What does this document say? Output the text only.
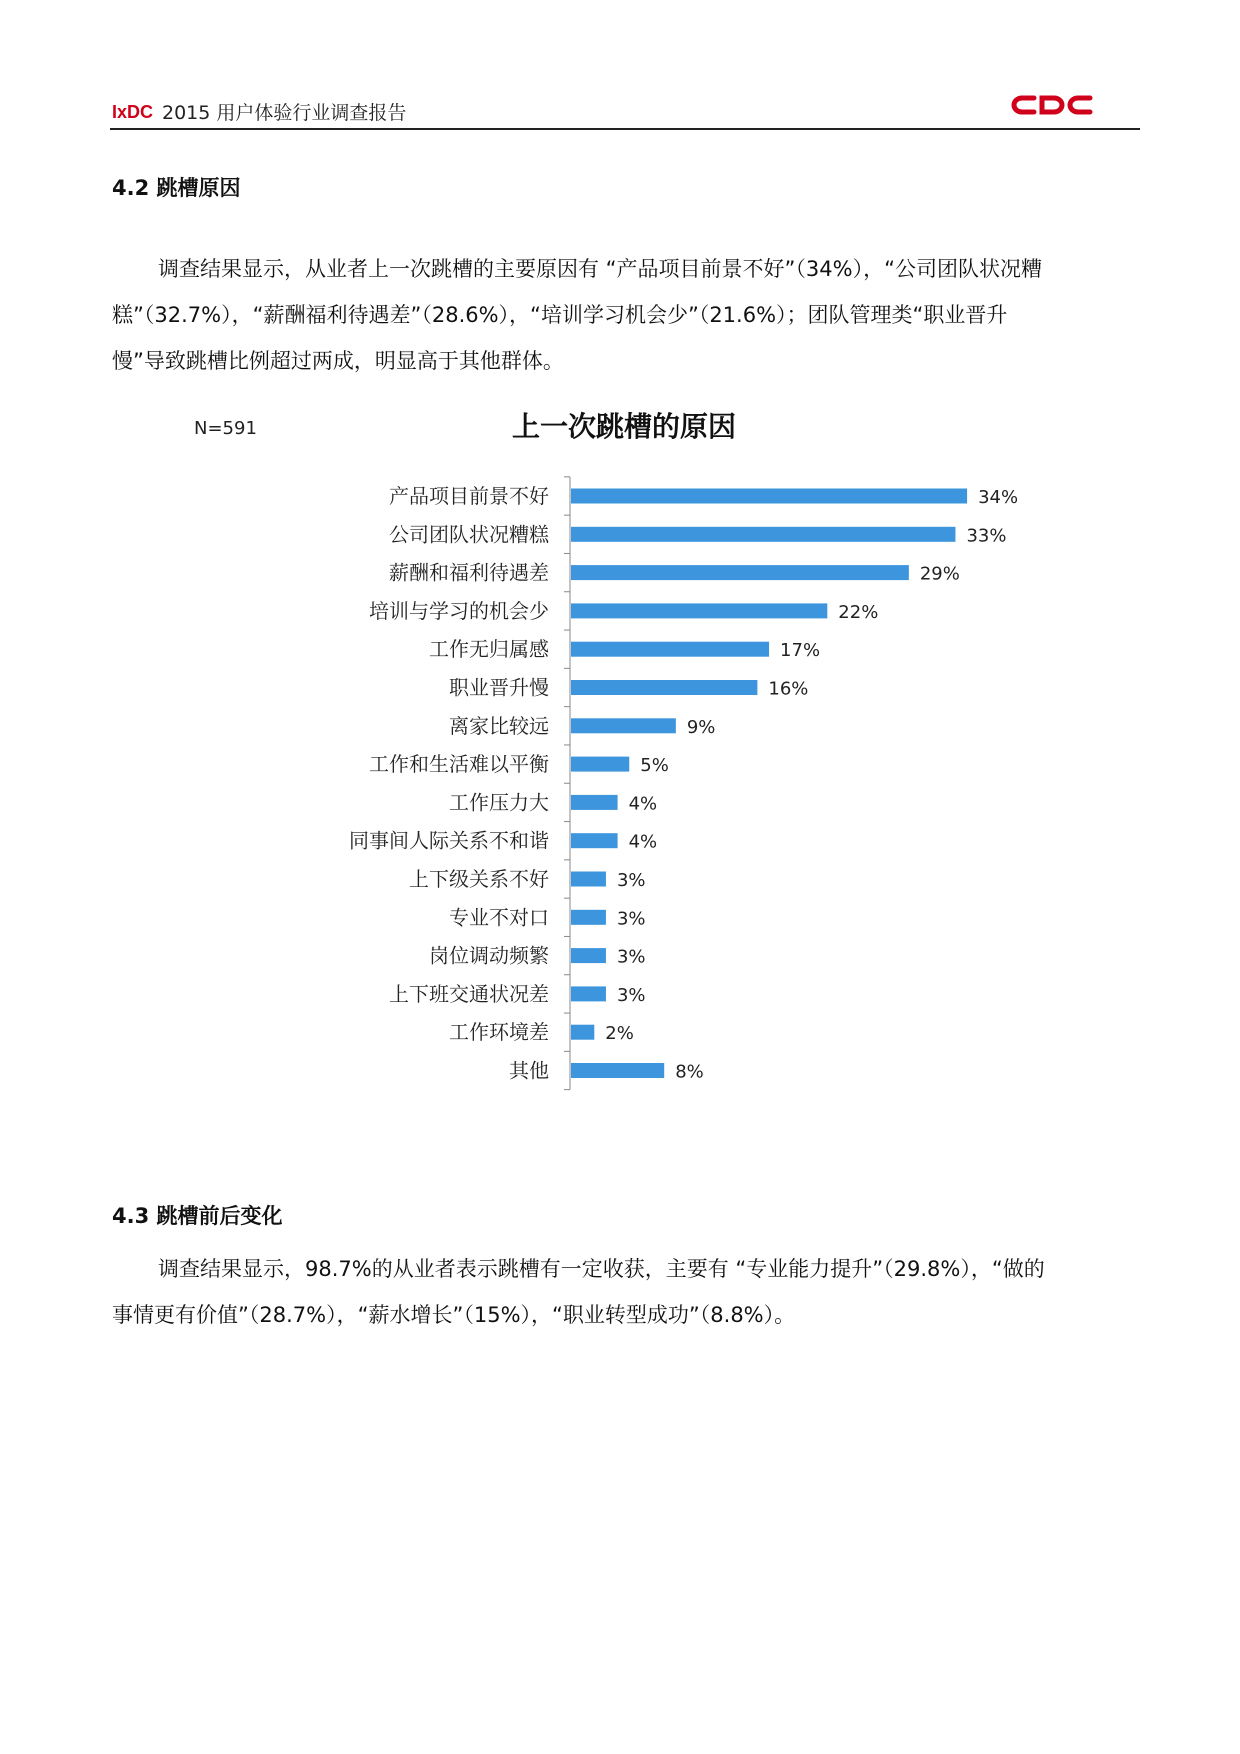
IxDC 2015 用户体验行业调查报告
4.2 跳槽原因

调查结果显示，从业者上一次跳槽的主要原因有 “产品项目前景不好”（34%），“公司团队状况糟

糕”（32.7%），“薪酬福利待遇差”（28.6%），“培训学习机会少”（21.6%）；团队管理类“职业晋升

慢”导致跳槽比例超过两成，明显高于其他群体。

N=591	上一次跳槽的原因
产品项目前景不好	34%
公司团队状况糟糕	33%
薪酬和福利待遇差	29%
培训与学习的机会少	22%
工作无归属感	17%
职业晋升慢	16%
离家比较远	9%
工作和生活难以平衡	5%
工作压力大	4%
同事间人际关系不和谐	4%
上下级关系不好	3%
专业不对口	3%
岗位调动频繁	3%
上下班交通状况差	3%
工作环境差	2%
其他	8%
4.3 跳槽前后变化

调查结果显示，98.7%的从业者表示跳槽有一定收获，主要有 “专业能力提升”（29.8%），“做的

事情更有价值”（28.7%），“薪水增长”（15%），“职业转型成功”（8.8%）。
